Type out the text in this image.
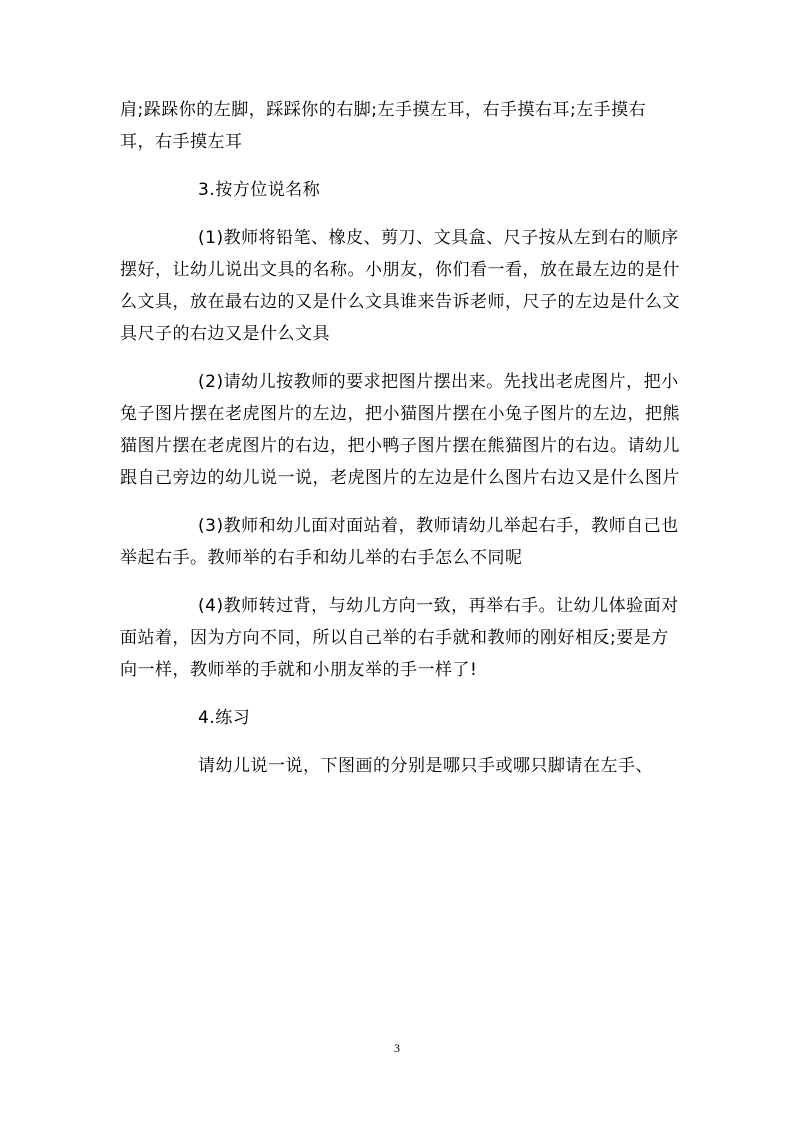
肩;跺跺你的左脚，踩踩你的右脚;左手摸左耳，右手摸右耳;左手摸右耳，右手摸左耳

3.按方位说名称

(1)教师将铅笔、橡皮、剪刀、文具盒、尺子按从左到右的顺序摆好，让幼儿说出文具的名称。小朋友，你们看一看，放在最左边的是什么文具，放在最右边的又是什么文具谁来告诉老师，尺子的左边是什么文具尺子的右边又是什么文具

(2)请幼儿按教师的要求把图片摆出来。先找出老虎图片，把小兔子图片摆在老虎图片的左边，把小猫图片摆在小兔子图片的左边，把熊猫图片摆在老虎图片的右边，把小鸭子图片摆在熊猫图片的右边。请幼儿跟自己旁边的幼儿说一说，老虎图片的左边是什么图片右边又是什么图片

(3)教师和幼儿面对面站着，教师请幼儿举起右手，教师自己也举起右手。教师举的右手和幼儿举的右手怎么不同呢

(4)教师转过背，与幼儿方向一致，再举右手。让幼儿体验面对面站着，因为方向不同，所以自己举的右手就和教师的刚好相反;要是方向一样，教师举的手就和小朋友举的手一样了!

4.练习

请幼儿说一说，下图画的分别是哪只手或哪只脚请在左手、

3
